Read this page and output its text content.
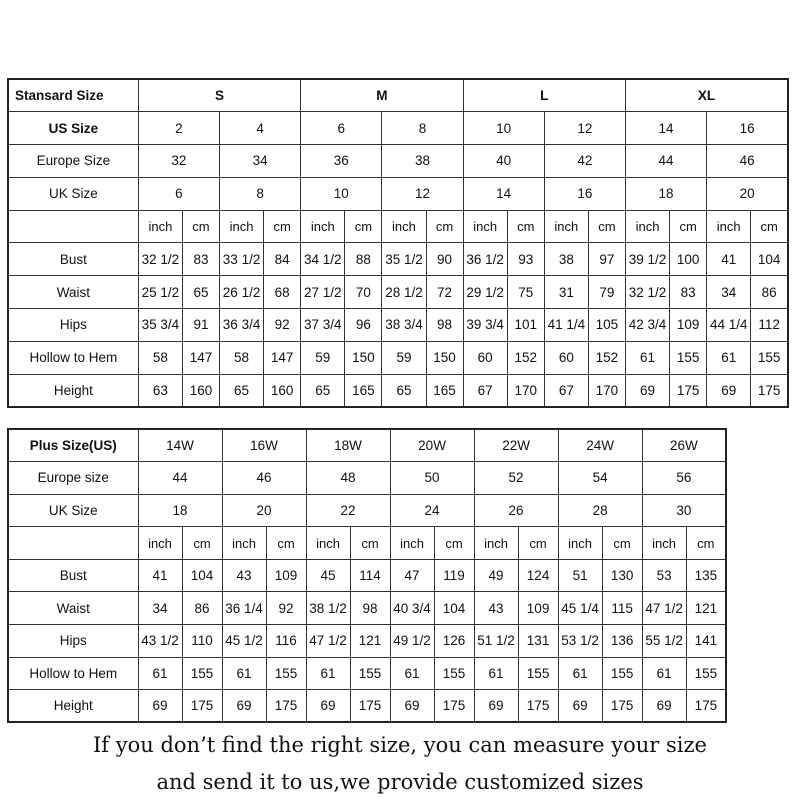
Stansard Size	S				M				L				XL			
US Size	2		4		6		8		10		12		14		16	
Europe Size	32		34		36		38		40		42		44		46	
UK Size	6		8		10		12		14		16		18		20	
	inch	cm	inch	cm	inch	cm	inch	cm	inch	cm	inch	cm	inch	cm	inch	cm
Bust	32 1/2	83	33 1/2	84	34 1/2	88	35 1/2	90	36 1/2	93	38	97	39 1/2	100	41	104
Waist	25 1/2	65	26 1/2	68	27 1/2	70	28 1/2	72	29 1/2	75	31	79	32 1/2	83	34	86
Hips	35 3/4	91	36 3/4	92	37 3/4	96	38 3/4	98	39 3/4	101	41 1/4	105	42 3/4	109	44 1/4	112
Hollow to Hem	58	147	58	147	59	150	59	150	60	152	60	152	61	155	61	155
Height	63	160	65	160	65	165	65	165	67	170	67	170	69	175	69	175
Plus Size(US)	14W		16W		18W		20W		22W		24W		26W	
Europe size	44		46		48		50		52		54		56	
UK Size	18		20		22		24		26		28		30	
	inch	cm	inch	cm	inch	cm	inch	cm	inch	cm	inch	cm	inch	cm
Bust	41	104	43	109	45	114	47	119	49	124	51	130	53	135
Waist	34	86	36 1/4	92	38 1/2	98	40 3/4	104	43	109	45 1/4	115	47 1/2	121
Hips	43 1/2	110	45 1/2	116	47 1/2	121	49 1/2	126	51 1/2	131	53 1/2	136	55 1/2	141
Hollow to Hem	61	155	61	155	61	155	61	155	61	155	61	155	61	155
Height	69	175	69	175	69	175	69	175	69	175	69	175	69	175
If you don’t find the right size, you can measure your size
and send it to us,we provide customized sizes
